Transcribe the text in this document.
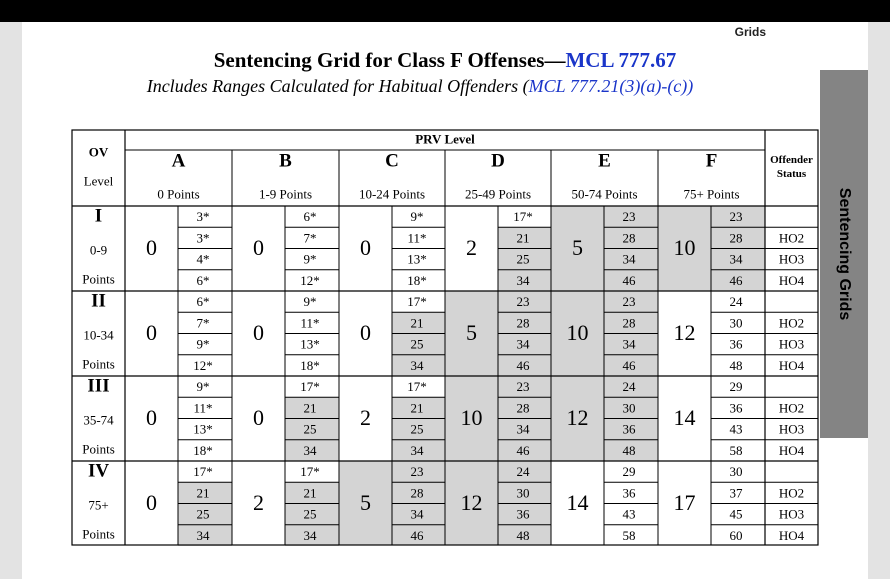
Grids
Sentencing Grid for Class F Offenses—MCL 777.67
Includes Ranges Calculated for Habitual Offenders (MCL 777.21(3)(a)-(c))
Sentencing Grids
PRV Level
OV
Level
Offender
Status
A
0 Points
B
1-9 Points
C
10-24 Points
D
25-49 Points
E
50-74 Points
F
75+ Points
I
0-9
Points
0
3*
3*
4*
6*
0
6*
7*
9*
12*
0
9*
11*
13*
18*
2
17*
21
25
34
5
23
28
34
46
10
23
28
34
46
HO2
HO3
HO4
II
10-34
Points
0
6*
7*
9*
12*
0
9*
11*
13*
18*
0
17*
21
25
34
5
23
28
34
46
10
23
28
34
46
12
24
30
36
48
HO2
HO3
HO4
III
35-74
Points
0
9*
11*
13*
18*
0
17*
21
25
34
2
17*
21
25
34
10
23
28
34
46
12
24
30
36
48
14
29
36
43
58
HO2
HO3
HO4
IV
75+
Points
0
17*
21
25
34
2
17*
21
25
34
5
23
28
34
46
12
24
30
36
48
14
29
36
43
58
17
30
37
45
60
HO2
HO3
HO4
